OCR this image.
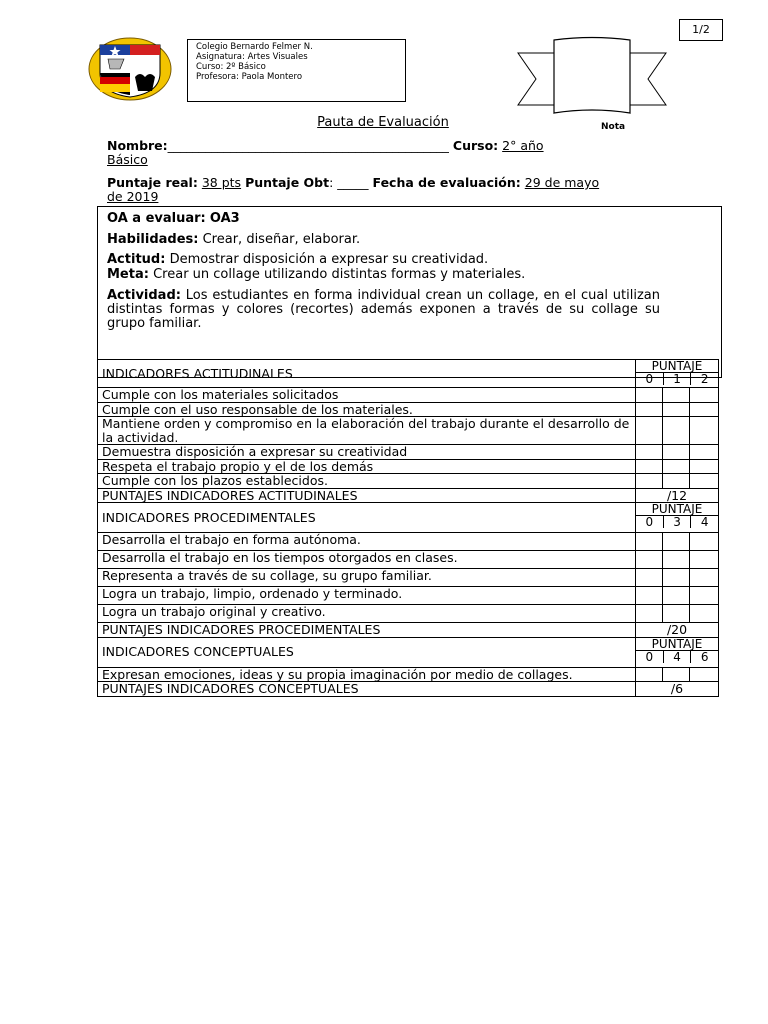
1/2
Colegio Bernardo Felmer N.
Asignatura: Artes Visuales
Curso: 2º Básico
Profesora: Paola Montero
Nota
Pauta de Evaluación
Nombre:_____________________________________________ Curso: 2° año
Básico
Puntaje real: 38 pts Puntaje Obt: _____ Fecha de evaluación: 29 de mayo
de 2019
OA a evaluar: OA3
Habilidades: Crear, diseñar, elaborar.
Actitud: Demostrar disposición a expresar su creatividad.
Meta: Crear un collage utilizando distintas formas y materiales.
Actividad: Los estudiantes en forma individual crean un collage, en el cual utilizan distintas formas y colores (recortes) además exponen a través de su collage su grupo familiar.
INDICADORES ACTITUDINALES	PUNTAJE
0 1 2		

Cumple con los materiales solicitados			
Cumple con el uso responsable de los materiales.			
Mantiene orden y compromiso en la elaboración del trabajo durante el desarrollo de la actividad.			
Demuestra disposición a expresar su creatividad			
Respeta el trabajo propio y el de los demás			
Cumple con los plazos establecidos.			
PUNTAJES INDICADORES ACTITUDINALES	/12		
INDICADORES PROCEDIMENTALES	PUNTAJE
0 3 4		

Desarrolla el trabajo en forma autónoma.			
Desarrolla el trabajo en los tiempos otorgados en clases.			
Representa a través de su collage, su grupo familiar.			
Logra un trabajo, limpio, ordenado y terminado.			
Logra un trabajo original y creativo.			
PUNTAJES INDICADORES PROCEDIMENTALES	/20		
INDICADORES CONCEPTUALES	PUNTAJE
0 4 6		

Expresan emociones, ideas y su propia imaginación por medio de collages.			
PUNTAJES INDICADORES CONCEPTUALES	/6		
